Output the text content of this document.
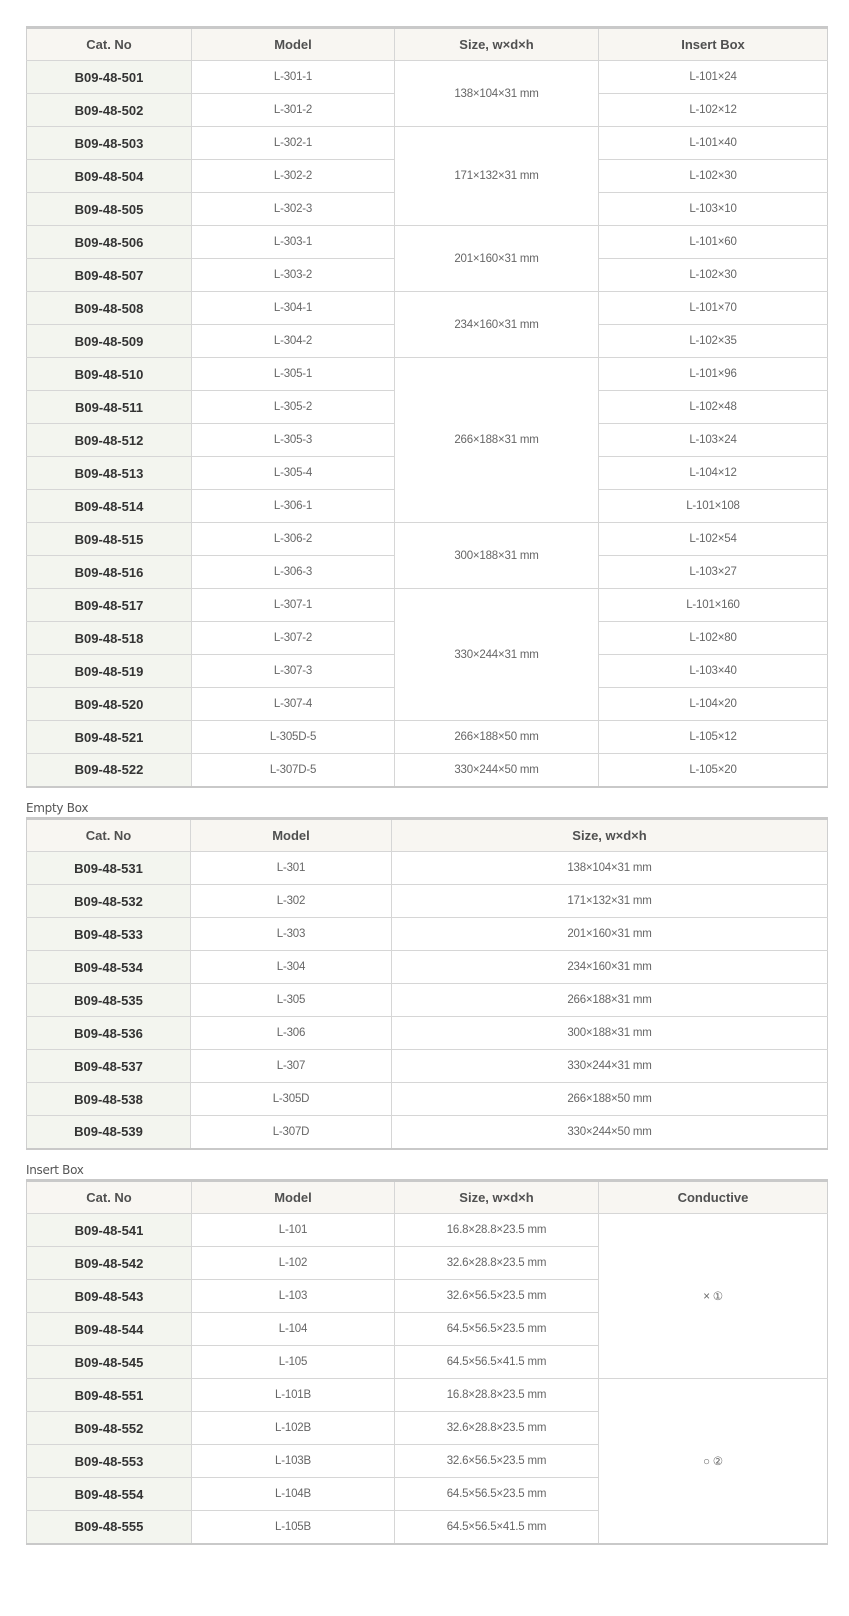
Cat. No	Model	Size, w×d×h	Insert Box
B09-48-501	L-301-1	138×104×31 mm	L-101×24
B09-48-502	L-301-2		L-102×12
B09-48-503	L-302-1	171×132×31 mm	L-101×40
B09-48-504	L-302-2		L-102×30
B09-48-505	L-302-3		L-103×10
B09-48-506	L-303-1	201×160×31 mm	L-101×60
B09-48-507	L-303-2		L-102×30
B09-48-508	L-304-1	234×160×31 mm	L-101×70
B09-48-509	L-304-2		L-102×35
B09-48-510	L-305-1	266×188×31 mm	L-101×96
B09-48-511	L-305-2		L-102×48
B09-48-512	L-305-3		L-103×24
B09-48-513	L-305-4		L-104×12
B09-48-514	L-306-1		L-101×108
B09-48-515	L-306-2	300×188×31 mm	L-102×54
B09-48-516	L-306-3		L-103×27
B09-48-517	L-307-1	330×244×31 mm	L-101×160
B09-48-518	L-307-2		L-102×80
B09-48-519	L-307-3		L-103×40
B09-48-520	L-307-4		L-104×20
B09-48-521	L-305D-5	266×188×50 mm	L-105×12
B09-48-522	L-307D-5	330×244×50 mm	L-105×20
Empty Box
Cat. No	Model	Size, w×d×h
B09-48-531	L-301	138×104×31 mm
B09-48-532	L-302	171×132×31 mm
B09-48-533	L-303	201×160×31 mm
B09-48-534	L-304	234×160×31 mm
B09-48-535	L-305	266×188×31 mm
B09-48-536	L-306	300×188×31 mm
B09-48-537	L-307	330×244×31 mm
B09-48-538	L-305D	266×188×50 mm
B09-48-539	L-307D	330×244×50 mm
Insert Box
Cat. No	Model	Size, w×d×h	Conductive
B09-48-541	L-101	16.8×28.8×23.5 mm	× ①
B09-48-542	L-102	32.6×28.8×23.5 mm	
B09-48-543	L-103	32.6×56.5×23.5 mm	
B09-48-544	L-104	64.5×56.5×23.5 mm	
B09-48-545	L-105	64.5×56.5×41.5 mm	
B09-48-551	L-101B	16.8×28.8×23.5 mm	○ ②
B09-48-552	L-102B	32.6×28.8×23.5 mm	
B09-48-553	L-103B	32.6×56.5×23.5 mm	
B09-48-554	L-104B	64.5×56.5×23.5 mm	
B09-48-555	L-105B	64.5×56.5×41.5 mm	
